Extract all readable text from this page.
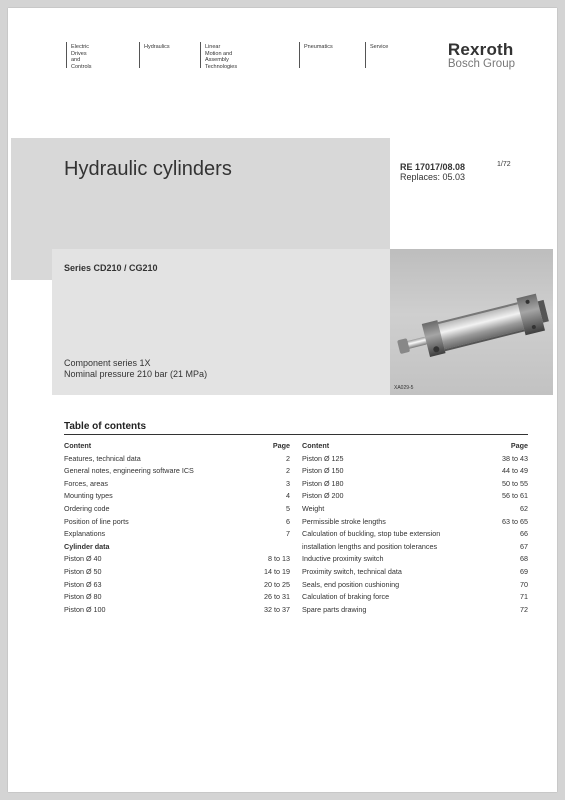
Electric Drives
and Controls
Hydraulics	Linear Motion and
Assembly Technologies
Pneumatics	Service	Rexroth
Bosch Group
Hydraulic cylinders	RE 17017/08.08
Replaces: 05.03
1/72
Series CD210 / CG210
Component series 1X
Nominal pressure 210 bar (21 MPa)
XA029-5
Table of contents
Content	Page
Features, technical data	2
General notes, engineering software ICS	2
Forces, areas	3
Mounting types	4
Ordering code	5
Position of line ports	6
Explanations	7
Cylinder data
Piston Ø 40	8 to 13
Piston Ø 50	14 to 19
Piston Ø 63	20 to 25
Piston Ø 80	26 to 31
Piston Ø 100	32 to 37
Content	Page
Piston Ø 125	38 to 43
Piston Ø 150	44 to 49
Piston Ø 180	50 to 55
Piston Ø 200	56 to 61
Weight	62
Permissible stroke lengths	63 to 65
Calculation of buckling, stop tube extension	66
installation lengths and position tolerances	67
Inductive proximity switch	68
Proximity switch, technical data	69
Seals, end position cushioning	70
Calculation of braking force	71
Spare parts drawing	72
